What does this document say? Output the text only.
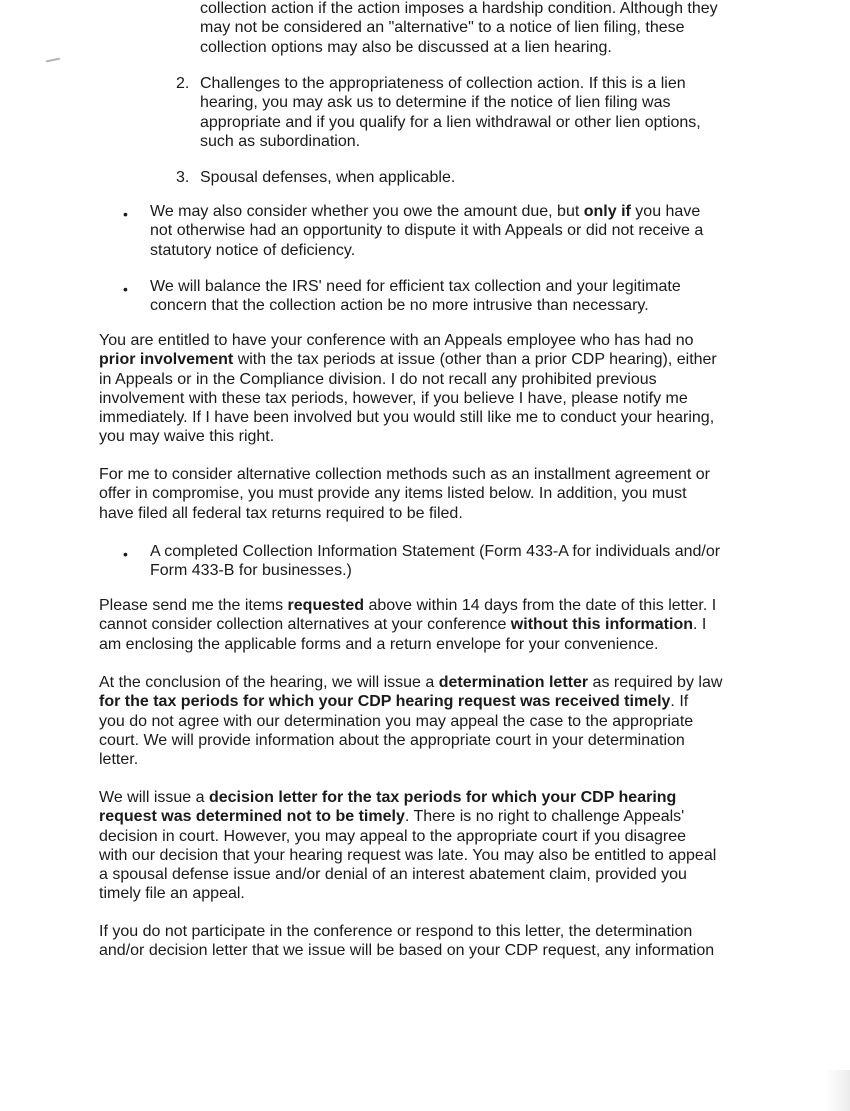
collection action if the action imposes a hardship condition. Although they
may not be considered an "alternative" to a notice of lien filing, these
collection options may also be discussed at a lien hearing.

2. Challenges to the appropriateness of collection action. If this is a lien
hearing, you may ask us to determine if the notice of lien filing was
appropriate and if you qualify for a lien withdrawal or other lien options,
such as subordination.

3. Spousal defenses, when applicable.

• We may also consider whether you owe the amount due, but only if you have
not otherwise had an opportunity to dispute it with Appeals or did not receive a
statutory notice of deficiency.

• We will balance the IRS' need for efficient tax collection and your legitimate
concern that the collection action be no more intrusive than necessary.

You are entitled to have your conference with an Appeals employee who has had no
prior involvement with the tax periods at issue (other than a prior CDP hearing), either
in Appeals or in the Compliance division. I do not recall any prohibited previous
involvement with these tax periods, however, if you believe I have, please notify me
immediately. If I have been involved but you would still like me to conduct your hearing,
you may waive this right.

For me to consider alternative collection methods such as an installment agreement or
offer in compromise, you must provide any items listed below. In addition, you must
have filed all federal tax returns required to be filed.

• A completed Collection Information Statement (Form 433-A for individuals and/or
Form 433-B for businesses.)

Please send me the items requested above within 14 days from the date of this letter. I
cannot consider collection alternatives at your conference without this information. I
am enclosing the applicable forms and a return envelope for your convenience.

At the conclusion of the hearing, we will issue a determination letter as required by law
for the tax periods for which your CDP hearing request was received timely. If
you do not agree with our determination you may appeal the case to the appropriate
court. We will provide information about the appropriate court in your determination
letter.

We will issue a decision letter for the tax periods for which your CDP hearing
request was determined not to be timely. There is no right to challenge Appeals'
decision in court. However, you may appeal to the appropriate court if you disagree
with our decision that your hearing request was late. You may also be entitled to appeal
a spousal defense issue and/or denial of an interest abatement claim, provided you
timely file an appeal.

If you do not participate in the conference or respond to this letter, the determination
and/or decision letter that we issue will be based on your CDP request, any information
